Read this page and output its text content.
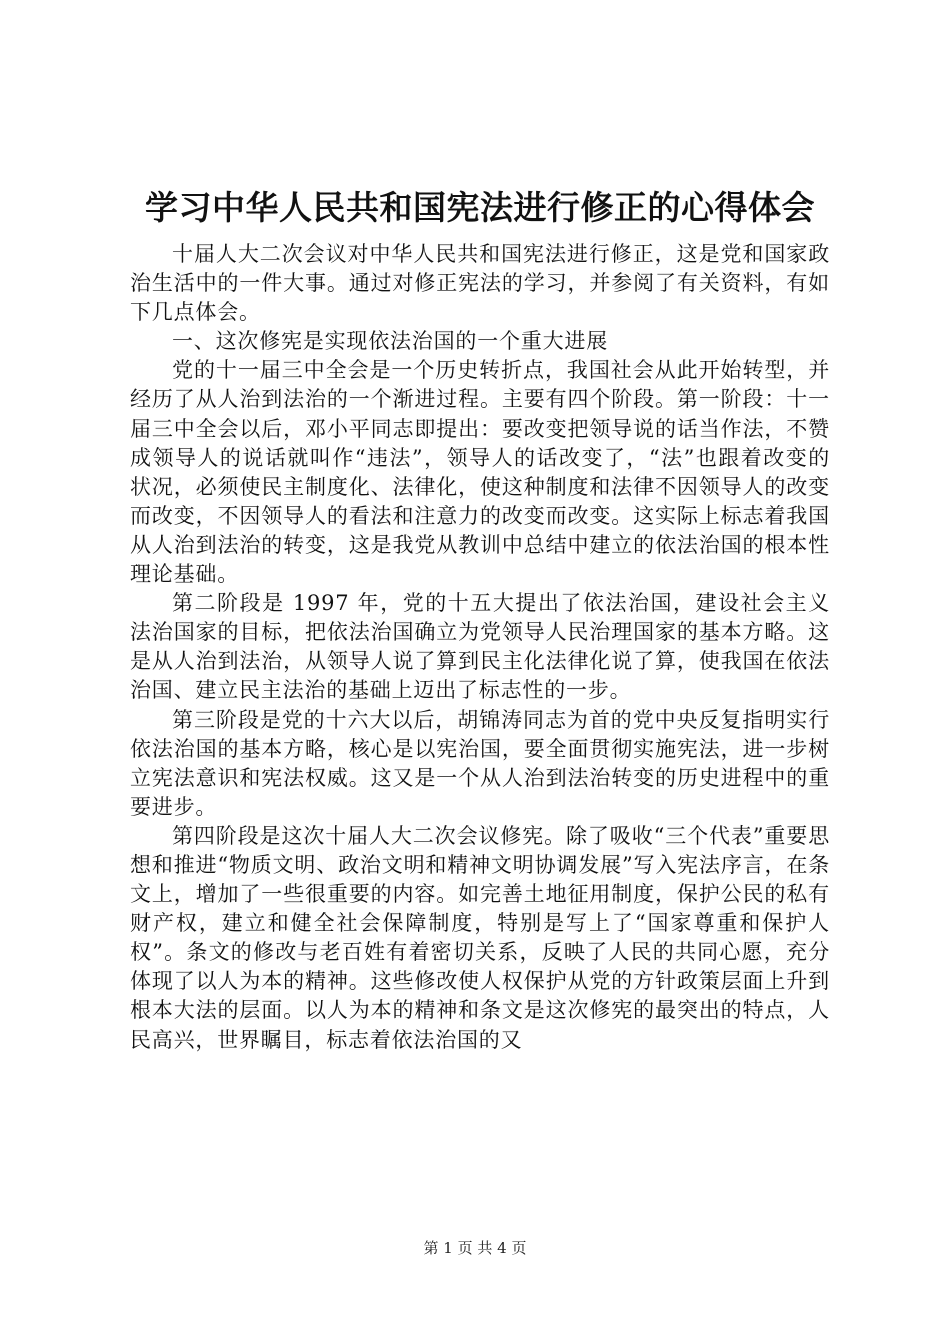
学习中华人民共和国宪法进行修正的心得体会

十届人大二次会议对中华人民共和国宪法进行修正，这是党和国家政治生活中的一件大事。通过对修正宪法的学习，并参阅了有关资料，有如下几点体会。

一、这次修宪是实现依法治国的一个重大进展

党的十一届三中全会是一个历史转折点，我国社会从此开始转型，并经历了从人治到法治的一个渐进过程。主要有四个阶段。第一阶段：十一届三中全会以后，邓小平同志即提出：要改变把领导说的话当作法，不赞成领导人的说话就叫作“违法”，领导人的话改变了，“法”也跟着改变的状况，必须使民主制度化、法律化，使这种制度和法律不因领导人的改变而改变，不因领导人的看法和注意力的改变而改变。这实际上标志着我国从人治到法治的转变，这是我党从教训中总结中建立的依法治国的根本性理论基础。

第二阶段是 1997 年，党的十五大提出了依法治国，建设社会主义法治国家的目标，把依法治国确立为党领导人民治理国家的基本方略。这是从人治到法治，从领导人说了算到民主化法律化说了算，使我国在依法治国、建立民主法治的基础上迈出了标志性的一步。

第三阶段是党的十六大以后，胡锦涛同志为首的党中央反复指明实行依法治国的基本方略，核心是以宪治国，要全面贯彻实施宪法，进一步树立宪法意识和宪法权威。这又是一个从人治到法治转变的历史进程中的重要进步。

第四阶段是这次十届人大二次会议修宪。除了吸收“三个代表”重要思想和推进“物质文明、政治文明和精神文明协调发展”写入宪法序言，在条文上，增加了一些很重要的内容。如完善土地征用制度，保护公民的私有财产权，建立和健全社会保障制度，特别是写上了“国家尊重和保护人权”。条文的修改与老百姓有着密切关系，反映了人民的共同心愿，充分体现了以人为本的精神。这些修改使人权保护从党的方针政策层面上升到根本大法的层面。以人为本的精神和条文是这次修宪的最突出的特点，人民高兴，世界瞩目，标志着依法治国的又

第 1 页 共 4 页
